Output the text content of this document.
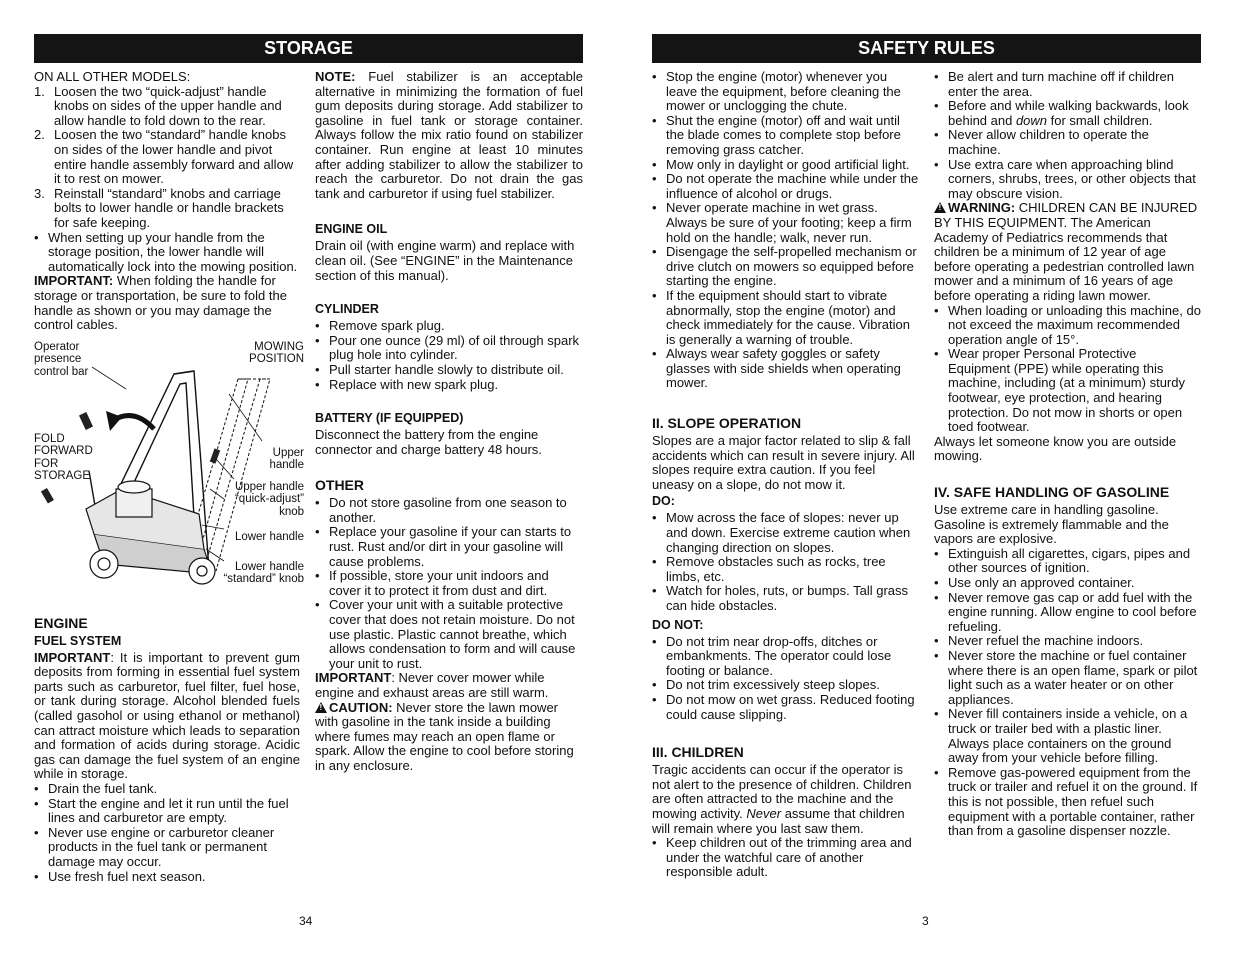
STORAGE

ON ALL OTHER MODELS:

1. Loosen the two “quick-adjust” handle knobs on sides of the upper handle and allow handle to fold down to the rear.
2. Loosen the two “standard” handle knobs on sides of the lower handle and pivot entire handle assembly forward and allow it to rest on mower.
3. Reinstall “standard” knobs and carriage bolts to lower handle or handle brackets for safe keeping.
• When setting up your handle from the storage position, the lower handle will automatically lock into the mowing position.

IMPORTANT: When folding the handle for storage or transportation, be sure to fold the handle as shown or you may damage the control cables.

Operator presence control bar
MOWING POSITION
FOLD FORWARD FOR STORAGE
Upper handle
Upper handle “quick-adjust” knob
Lower handle
Lower handle “standard” knob
ENGINE
FUEL SYSTEM

IMPORTANT: It is important to prevent gum deposits from forming in essential fuel system parts such as carburetor, fuel filter, fuel hose, or tank during storage. Alcohol blended fuels (called gasohol or using ethanol or methanol) can attract moisture which leads to separation and formation of acids during storage. Acidic gas can damage the fuel system of an engine while in storage.

• Drain the fuel tank.
• Start the engine and let it run until the fuel lines and carburetor are empty.
• Never use engine or carburetor cleaner products in the fuel tank or permanent damage may occur.
• Use fresh fuel next season.

NOTE: Fuel stabilizer is an acceptable alternative in minimizing the formation of fuel gum deposits during storage. Add stabilizer to gasoline in fuel tank or storage container. Always follow the mix ratio found on stabilizer container. Run engine at least 10 minutes after adding stabilizer to allow the stabilizer to reach the carburetor. Do not drain the gas tank and carburetor if using fuel stabilizer.

ENGINE OIL

Drain oil (with engine warm) and replace with clean oil. (See “ENGINE” in the Maintenance section of this manual).

CYLINDER
• Remove spark plug.
• Pour one ounce (29 ml) of oil through spark plug hole into cylinder.
• Pull starter handle slowly to distribute oil.
• Replace with new spark plug.
BATTERY (IF EQUIPPED)

Disconnect the battery from the engine connector and charge battery 48 hours.

OTHER
• Do not store gasoline from one season to another.
• Replace your gasoline if your can starts to rust. Rust and/or dirt in your gasoline will cause problems.
• If possible, store your unit indoors and cover it to protect it from dust and dirt.
• Cover your unit with a suitable protective cover that does not retain moisture. Do not use plastic. Plastic cannot breathe, which allows condensation to form and will cause your unit to rust.

IMPORTANT: Never cover mower while engine and exhaust areas are still warm.

!CAUTION: Never store the lawn mower with gasoline in the tank inside a building where fumes may reach an open flame or spark. Allow the engine to cool before storing in any enclosure.

34
SAFETY RULES
• Stop the engine (motor) whenever you leave the equipment, before cleaning the mower or unclogging the chute.
• Shut the engine (motor) off and wait until the blade comes to complete stop before removing grass catcher.
• Mow only in daylight or good artificial light.
• Do not operate the machine while under the influence of alcohol or drugs.
• Never operate machine in wet grass. Always be sure of your footing; keep a firm hold on the handle; walk, never run.
• Disengage the self-propelled mechanism or drive clutch on mowers so equipped before starting the engine.
• If the equipment should start to vibrate abnormally, stop the engine (motor) and check immediately for the cause. Vibration is generally a warning of trouble.
• Always wear safety goggles or safety glasses with side shields when operating mower.
II. SLOPE OPERATION

Slopes are a major factor related to slip & fall accidents which can result in severe injury. All slopes require extra caution. If you feel uneasy on a slope, do not mow it.

DO:
• Mow across the face of slopes: never up and down. Exercise extreme caution when changing direction on slopes.
• Remove obstacles such as rocks, tree limbs, etc.
• Watch for holes, ruts, or bumps. Tall grass can hide obstacles.
DO NOT:
• Do not trim near drop-offs, ditches or embankments. The operator could lose footing or balance.
• Do not trim excessively steep slopes.
• Do not mow on wet grass. Reduced footing could cause slipping.
III. CHILDREN

Tragic accidents can occur if the operator is not alert to the presence of children. Children are often attracted to the machine and the mowing activity. Never assume that children will remain where you last saw them.

• Keep children out of the trimming area and under the watchful care of another responsible adult.
• Be alert and turn machine off if children enter the area.
• Before and while walking backwards, look behind and down for small children.
• Never allow children to operate the machine.
• Use extra care when approaching blind corners, shrubs, trees, or other objects that may obscure vision.

!WARNING: CHILDREN CAN BE INJURED BY THIS EQUIPMENT. The American Academy of Pediatrics recommends that children be a minimum of 12 year of age before operating a pedestrian controlled lawn mower and a minimum of 16 years of age before operating a riding lawn mower.

• When loading or unloading this machine, do not exceed the maximum recommended operation angle of 15°.
• Wear proper Personal Protective Equipment (PPE) while operating this machine, including (at a minimum) sturdy footwear, eye protection, and hearing protection. Do not mow in shorts or open toed footwear.

Always let someone know you are outside mowing.

IV. SAFE HANDLING OF GASOLINE

Use extreme care in handling gasoline. Gasoline is extremely flammable and the vapors are explosive.

• Extinguish all cigarettes, cigars, pipes and other sources of ignition.
• Use only an approved container.
• Never remove gas cap or add fuel with the engine running. Allow engine to cool before refueling.
• Never refuel the machine indoors.
• Never store the machine or fuel container where there is an open flame, spark or pilot light such as a water heater or on other appliances.
• Never fill containers inside a vehicle, on a truck or trailer bed with a plastic liner. Always place containers on the ground away from your vehicle before filling.
• Remove gas-powered equipment from the truck or trailer and refuel it on the ground. If this is not possible, then refuel such equipment with a portable container, rather than from a gasoline dispenser nozzle.
3
